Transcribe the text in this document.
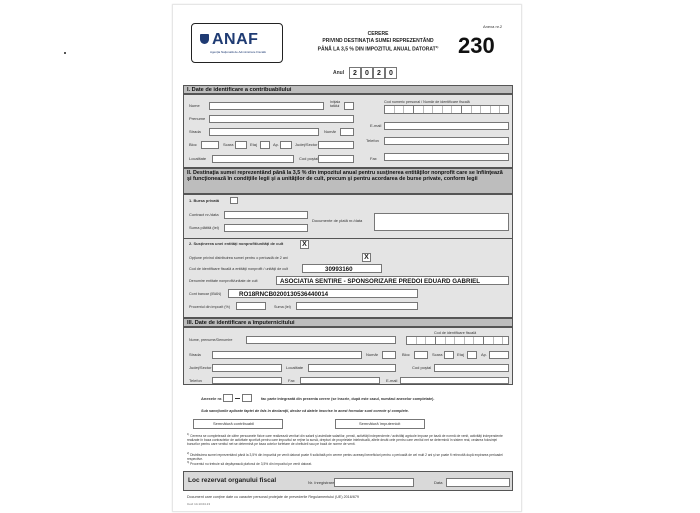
ANAF
Agenţia Naţională de Administrare Fiscală
Anexa nr.2
CERERE
PRIVIND DESTINAŢIA SUMEI REPREZENTÂND
PÂNĂ LA 3,5 % DIN IMPOZITUL ANUAL DATORAT$^{1)}$ 230
Anul	2	0	2	0
I. Date de identificare a contribuabilului
Nume
Iniţiala tatălui
Cod numeric personal / Număr de identificare fiscală
Prenume
E-mail
Strada	Număr
Bloc	Scara	Etaj	Ap.	Judeţ/Sector
Telefon
Localitate	Cod poştal	Fax
II. Destinaţia sumei reprezentând până la 3,5 % din impozitul anual pentru susţinerea entităţilor nonprofit care se înfiinţează şi funcţionează în condiţiile legii şi a unităţilor de cult, precum şi pentru acordarea de burse private, conform legii
1. Bursa privată
Contract nr./data
Suma plătită (lei)
Documente de plată nr./data
2. Susţinerea unei entităţi nonprofit/unităţi de cult	X
Opţiune privind distribuirea sumei pentru o perioadă de 2 ani	X
Cod de identificare fiscală a entităţii nonprofit / unităţii de cult	30993160
Denumire entitate nonprofit/unitate de cult	ASOCIATIA SENTIRE - SPONSORIZARE PREDOI EDUARD GABRIEL
Cont bancar (IBAN)	RO18RNCB0200130536440014
Procentul din impozit (%)	Suma (lei)
III. Date de identificare a împuternicitului
Nume, prenume/Denumire
Cod de identificare fiscală
Strada	Număr	Bloc	Scara	Etaj	Ap.
Judeţ/Sector	Localitate	Cod poştal
Telefon	Fax	E-mail
Anexele nr.	fac parte integrantă din prezenta cerere (se înscrie, după este cazul, numărul anexelor completate).
Sub sancţiunile aplicate faptei de fals în declaraţii, declar că datele înscrise în acest formular sunt corecte şi complete.
Semnătură contribuabil	Semnătură împuternicit
$^{1)}$ Cererea se completează de către persoanele fizice care realizează venituri din salarii şi asimilate salariilor, pensii, activităţi independente / activităţi agricole impuse pe bază de normă de venit, activităţi independente realizate în baza contractelor de activitate sportivă pentru care impozitul se reţine la sursă, drepturi de proprietate intelectuală, altele decât cele pentru care venitul net se determină în sistem real, cedarea folosinţei bunurilor pentru care venitul net se determină pe baza cotelor forfetare de cheltuieli sau pe bază de norme de venit.
$^{2)}$ Distribuirea sumei reprezentând până la 3,5% din impozitul pe venit datorat poate fi solicitată prin cerere pentru aceeaşi beneficiari pentru o perioadă de cel mult 2 ani şi se poate fi reînnoită după expirarea perioadei respective.
$^{3)}$ Procentul nu trebuie să depăşească plafonul de 3,5% din impozitul pe venit datorat.
Loc rezervat organului fiscal	Nr. înregistrare	Data
Document care conţine date cu caracter personal protejate de prevederile Regulamentului (UE) 2016/679
Cod: 14.13.04.13
